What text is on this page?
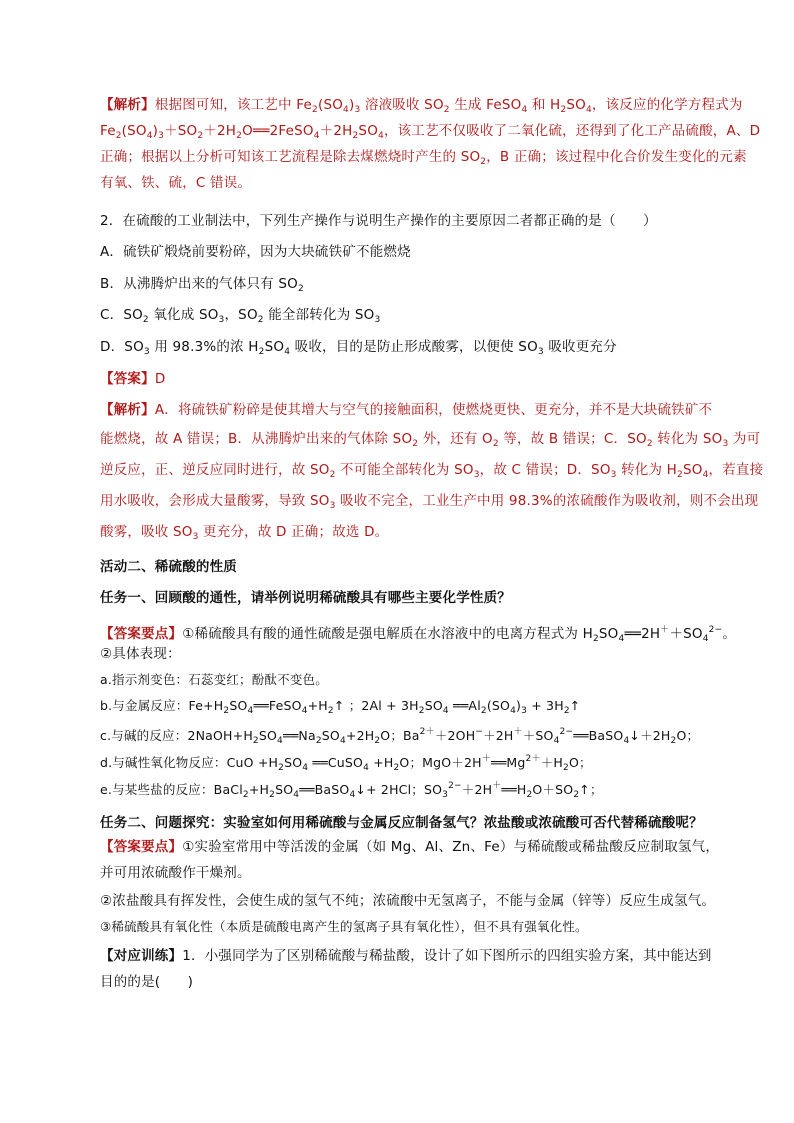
【解析】根据图可知，该工艺中 $Fe_2(SO_4)_3$ 溶液吸收 $SO_2$ 生成 FeSO$_4$ 和 $H_2SO_4$，该反应的化学方程式为
$Fe_2(SO_4)_3+SO_2+2H_2O══2FeSO_4+2H_2SO_4$，该工艺不仅吸收了二氧化硫，还得到了化工产品硫酸，A、D
正确；根据以上分析可知该工艺流程是除去煤燃烧时产生的 $SO_2$，B 正确；该过程中化合价发生变化的元素
有氧、铁、硫，C 错误。
2．在硫酸的工业制法中，下列生产操作与说明生产操作的主要原因二者都正确的是（　　）
A．硫铁矿煅烧前要粉碎，因为大块硫铁矿不能燃烧
B．从沸腾炉出来的气体只有 $SO_2$
C．$SO_2$ 氧化成 $SO_3$，$SO_2$ 能全部转化为 $SO_3$
D．$SO_3$ 用 98.3%的浓 $H_2SO_4$ 吸收，目的是防止形成酸雾，以便使 $SO_3$ 吸收更充分
【答案】D
【解析】A．将硫铁矿粉碎是使其增大与空气的接触面积，使燃烧更快、更充分，并不是大块硫铁矿不
能燃烧，故 A 错误；B．从沸腾炉出来的气体除 $SO_2$ 外，还有 $O_2$ 等，故 B 错误；C．$SO_2$ 转化为 $SO_3$ 为可
逆反应，正、逆反应同时进行，故 $SO_2$ 不可能全部转化为 $SO_3$，故 C 错误；D．$SO_3$ 转化为 $H_2SO_4$，若直接
用水吸收，会形成大量酸雾，导致 $SO_3$ 吸收不完全，工业生产中用 98.3%的浓硫酸作为吸收剂，则不会出现
酸雾，吸收 $SO_3$ 更充分，故 D 正确；故选 D。
活动二、稀硫酸的性质
任务一、回顾酸的通性，请举例说明稀硫酸具有哪些主要化学性质？
【答案要点】①稀硫酸具有酸的通性硫酸是强电解质在水溶液中的电离方程式为 $H_2SO_4══2H^++SO_4^{2-}$。
②具体表现：
a.指示剂变色：石蕊变红；酚酞不变色。
b.与金属反应：$Fe+H_2SO_4══FeSO_4+H_2↑$ ；$2Al + 3H_2SO_4$ $══Al_2(SO_4)_3$ + $3H_2↑$
c.与碱的反应：$2NaOH+H_2SO_4══Na_2SO_4+2H_2O$；$Ba^{2+}+2OH^-+2H^++SO_4^{2-}══BaSO_4↓+2H_2O$；
d.与碱性氧化物反应：CuO $+H_2SO_4$ ══CuSO$_4$ $+H_2O$；$MgO+2H^+══Mg^{2+}+H_2O$；
e.与某些盐的反应：$BaCl_2+H_2SO_4══BaSO_4↓+ 2HCl$；$SO_3^{2-}+2H^+══H_2O+SO_2↑$；
任务二、问题探究：实验室如何用稀硫酸与金属反应制备氢气？浓盐酸或浓硫酸可否代替稀硫酸呢？
【答案要点】①实验室常用中等活泼的金属（如 Mg、Al、Zn、Fe）与稀硫酸或稀盐酸反应制取氢气，
并可用浓硫酸作干燥剂。
②浓盐酸具有挥发性，会使生成的氢气不纯；浓硫酸中无氢离子，不能与金属（锌等）反应生成氢气。
③稀硫酸具有氧化性（本质是硫酸电离产生的氢离子具有氧化性），但不具有强氧化性。
【对应训练】1．小强同学为了区别稀硫酸与稀盐酸，设计了如下图所示的四组实验方案，其中能达到
目的的是(　　)
